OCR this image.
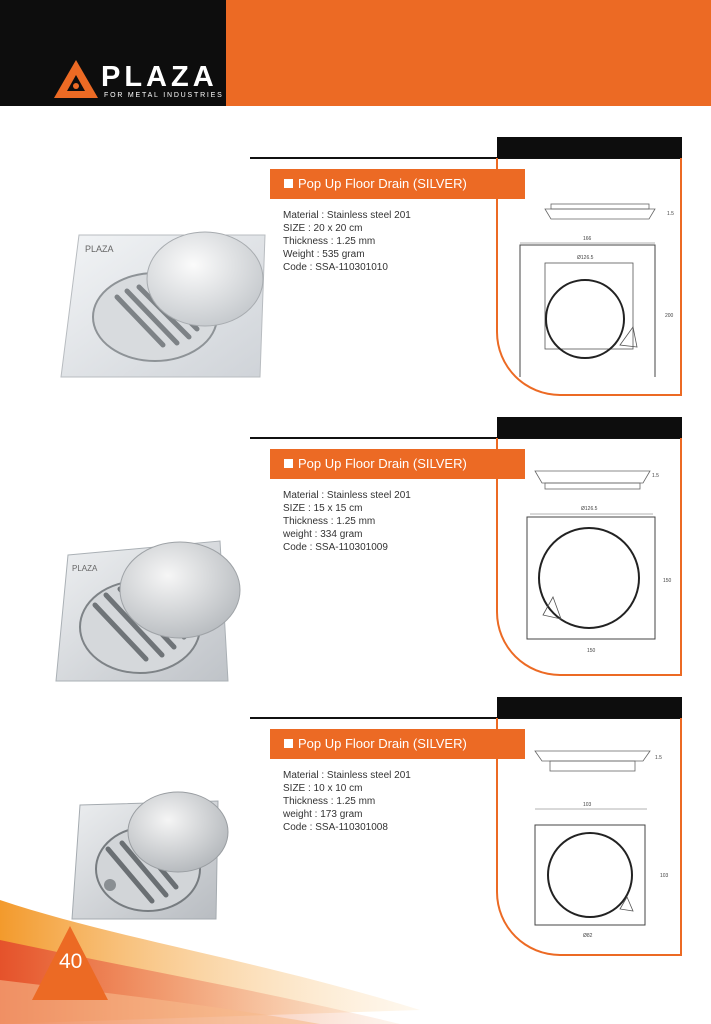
PLAZA
FOR METAL INDUSTRIES
Pop Up Floor Drain (SILVER)
Material : Stainless steel 201
SIZE : 20 x 20 cm
Thickness : 1.25 mm
Weight : 535 gram
Code : SSA-110301010
PLAZA
1.5
166
Ø126.5
200
Pop Up Floor Drain (SILVER)
Material : Stainless steel 201
SIZE : 15 x 15 cm
Thickness : 1.25 mm
weight : 334 gram
Code : SSA-110301009
PLAZA
1.5
Ø126.5
150
150
Pop Up Floor Drain (SILVER)
Material : Stainless steel 201
SIZE : 10 x 10 cm
Thickness : 1.25 mm
weight : 173 gram
Code : SSA-110301008
1.5
103
103
Ø82
40
